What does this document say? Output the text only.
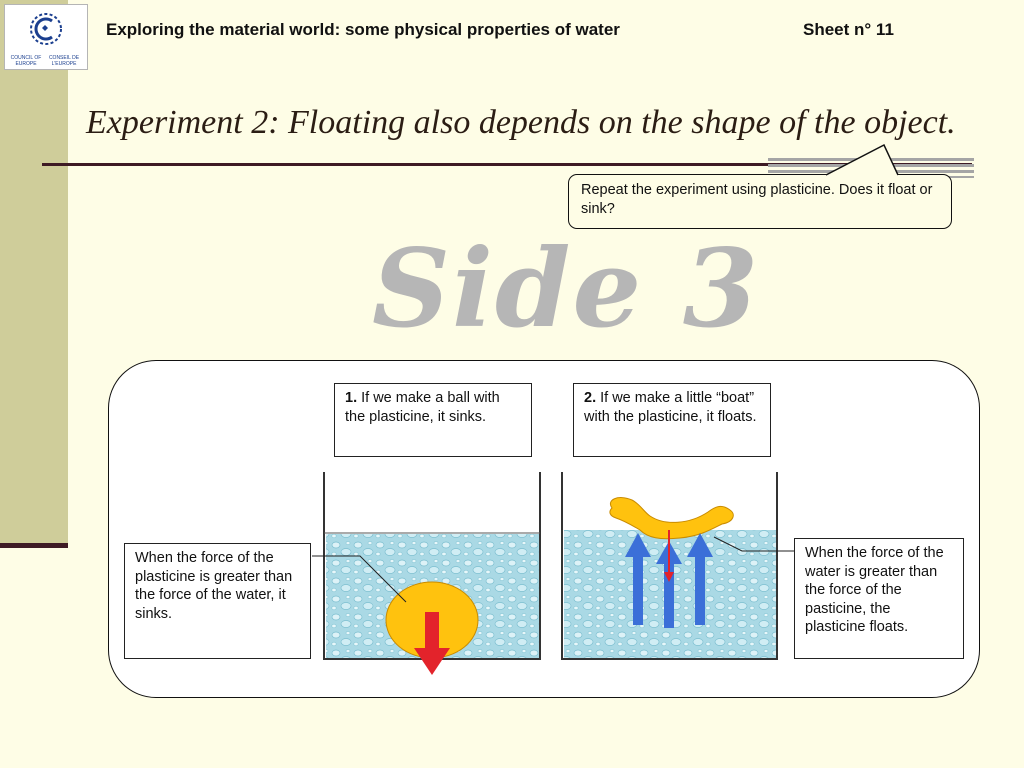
COUNCIL OF EUROPE
CONSEIL DE L'EUROPE
Exploring the material world: some physical properties of water	Sheet n° 11
Experiment 2: Floating also depends on the shape of the object.
Repeat the experiment using plasticine. Does it float or sink?
Side 3
1. If we make a ball with the plasticine, it sinks.
2. If we make a little “boat” with the plasticine, it floats.
When the force of the plasticine is greater than the force of the water, it sinks.
When the force of the water is greater than the force of the pasticine, the plasticine floats.
